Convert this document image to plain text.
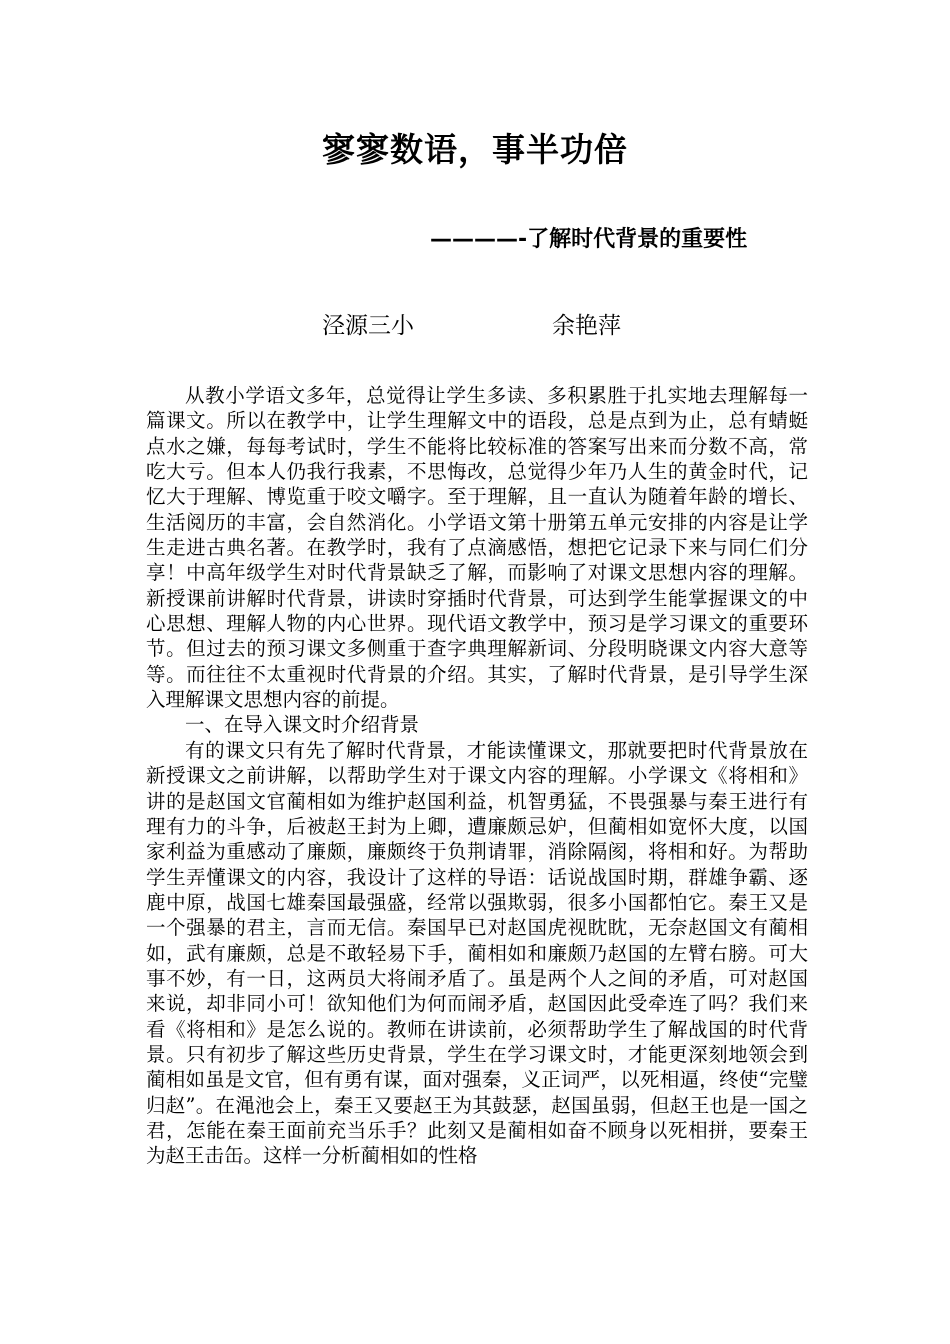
寥寥数语，事半功倍
————-了解时代背景的重要性
泾源三小	余艳萍

从教小学语文多年，总觉得让学生多读、多积累胜于扎实地去理解每一篇课文。所以在教学中，让学生理解文中的语段，总是点到为止，总有蜻蜓点水之嫌，每每考试时，学生不能将比较标准的答案写出来而分数不高，常吃大亏。但本人仍我行我素，不思悔改，总觉得少年乃人生的黄金时代，记忆大于理解、博览重于咬文嚼字。至于理解，且一直认为随着年龄的增长、生活阅历的丰富，会自然消化。小学语文第十册第五单元安排的内容是让学生走进古典名著。在教学时，我有了点滴感悟，想把它记录下来与同仁们分享！中高年级学生对时代背景缺乏了解，而影响了对课文思想内容的理解。新授课前讲解时代背景，讲读时穿插时代背景，可达到学生能掌握课文的中心思想、理解人物的内心世界。现代语文教学中，预习是学习课文的重要环节。但过去的预习课文多侧重于查字典理解新词、分段明晓课文内容大意等等。而往往不太重视时代背景的介绍。其实，了解时代背景，是引导学生深入理解课文思想内容的前提。

一、在导入课文时介绍背景

有的课文只有先了解时代背景，才能读懂课文，那就要把时代背景放在新授课文之前讲解，以帮助学生对于课文内容的理解。小学课文《将相和》讲的是赵国文官蔺相如为维护赵国利益，机智勇猛，不畏强暴与秦王进行有理有力的斗争，后被赵王封为上卿，遭廉颇忌妒，但蔺相如宽怀大度，以国家利益为重感动了廉颇，廉颇终于负荆请罪，消除隔阂，将相和好。为帮助学生弄懂课文的内容，我设计了这样的导语：话说战国时期，群雄争霸、逐鹿中原，战国七雄秦国最强盛，经常以强欺弱，很多小国都怕它。秦王又是一个强暴的君主，言而无信。秦国早已对赵国虎视眈眈，无奈赵国文有蔺相如，武有廉颇，总是不敢轻易下手，蔺相如和廉颇乃赵国的左臂右膀。可大事不妙，有一日，这两员大将闹矛盾了。虽是两个人之间的矛盾，可对赵国来说，却非同小可！欲知他们为何而闹矛盾，赵国因此受牵连了吗？我们来看《将相和》是怎么说的。教师在讲读前，必须帮助学生了解战国的时代背景。只有初步了解这些历史背景，学生在学习课文时，才能更深刻地领会到蔺相如虽是文官，但有勇有谋，面对强秦，义正词严，以死相逼，终使“完璧归赵”。在渑池会上，秦王又要赵王为其鼓瑟，赵国虽弱，但赵王也是一国之君，怎能在秦王面前充当乐手？此刻又是蔺相如奋不顾身以死相拼，要秦王为赵王击缶。这样一分析蔺相如的性格
